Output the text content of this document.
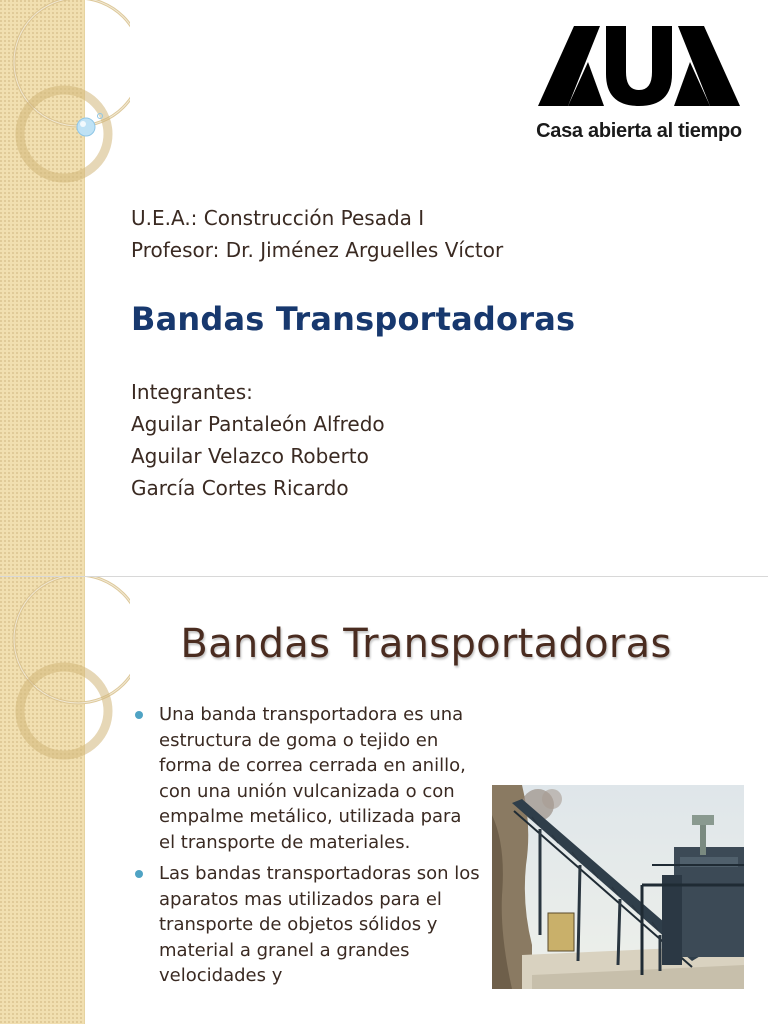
Casa abierta al tiempo
U.E.A.: Construcción Pesada I
Profesor: Dr. Jiménez Arguelles Víctor
Bandas Transportadoras
Integrantes:
Aguilar Pantaleón Alfredo
Aguilar Velazco Roberto
García Cortes Ricardo
Bandas Transportadoras
Una banda transportadora es una estructura de goma o tejido en forma de correa cerrada en anillo, con una unión vulcanizada o con empalme metálico, utilizada para el transporte de materiales.
Las bandas transportadoras son los aparatos mas utilizados para el transporte de objetos sólidos y material a granel a grandes velocidades y
